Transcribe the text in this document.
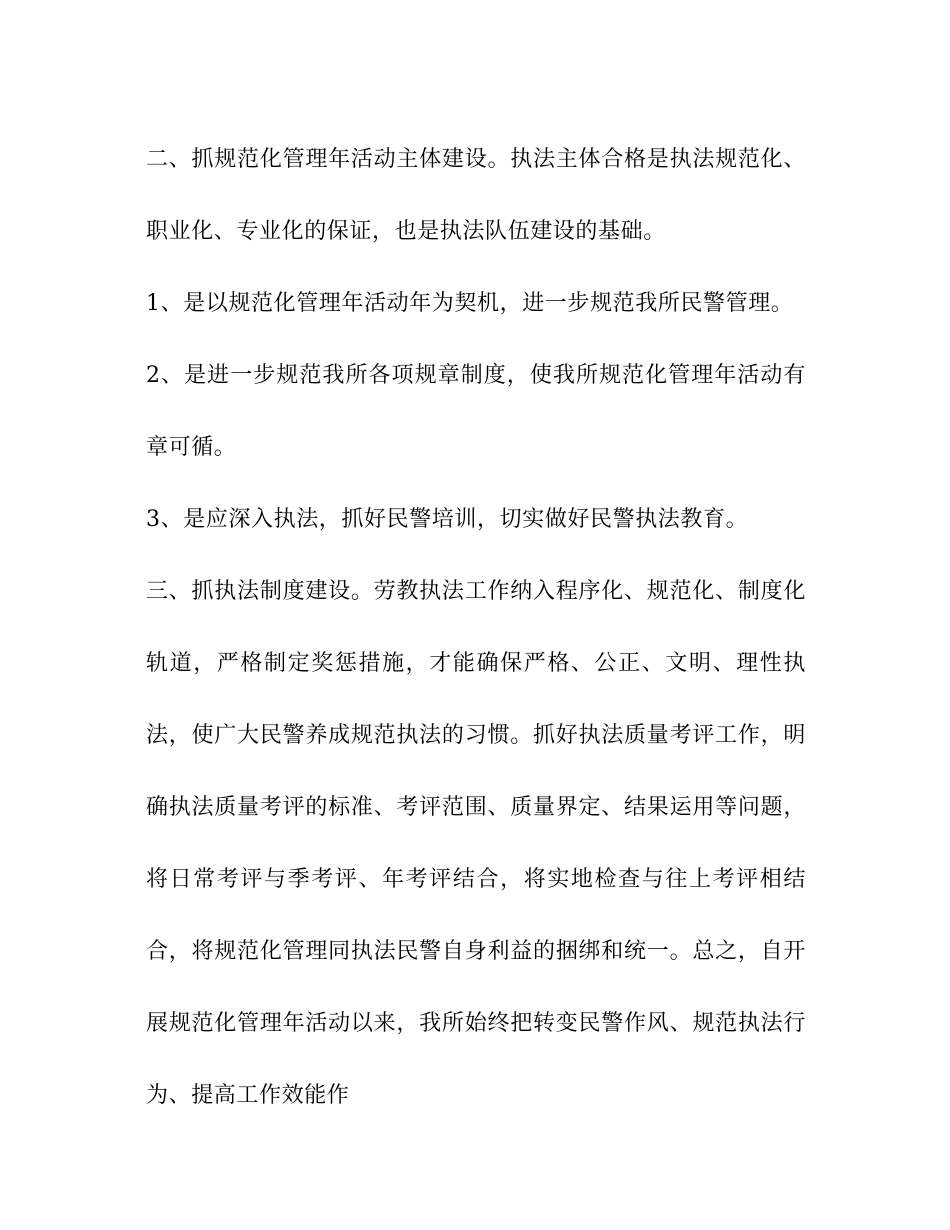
二、抓规范化管理年活动主体建设。执法主体合格是执法规范化、职业化、专业化的保证，也是执法队伍建设的基础。

1、是以规范化管理年活动年为契机，进一步规范我所民警管理。

2、是进一步规范我所各项规章制度，使我所规范化管理年活动有章可循。

3、是应深入执法，抓好民警培训，切实做好民警执法教育。

三、抓执法制度建设。劳教执法工作纳入程序化、规范化、制度化轨道，严格制定奖惩措施，才能确保严格、公正、文明、理性执法，使广大民警养成规范执法的习惯。抓好执法质量考评工作，明确执法质量考评的标准、考评范围、质量界定、结果运用等问题，将日常考评与季考评、年考评结合，将实地检查与往上考评相结合，将规范化管理同执法民警自身利益的捆绑和统一。总之，自开展规范化管理年活动以来，我所始终把转变民警作风、规范执法行为、提高工作效能作
